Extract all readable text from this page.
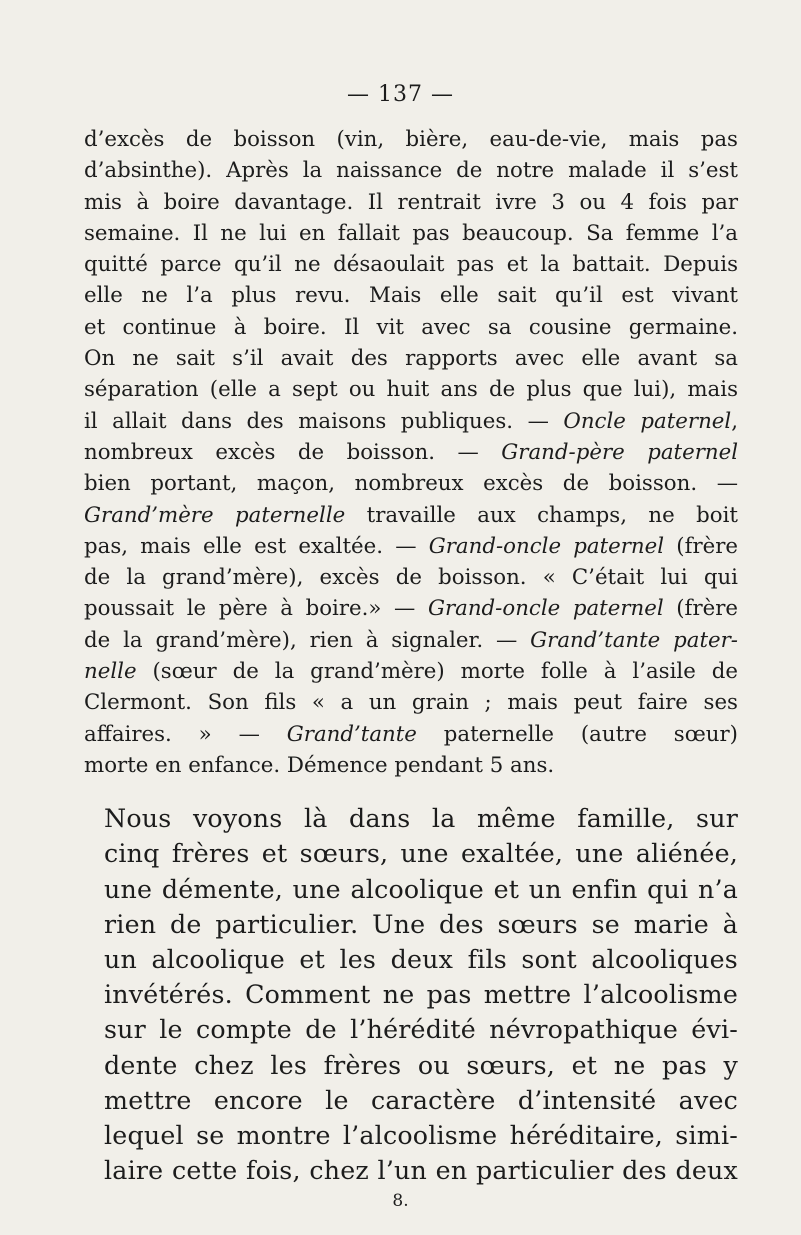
— 137 —

d’excès de boisson (vin, bière, eau-de-vie, mais pas
d’absinthe). Après la naissance de notre malade il s’est
mis à boire davantage. Il rentrait ivre 3 ou 4 fois par
semaine. Il ne lui en fallait pas beaucoup. Sa femme l’a
quitté parce qu’il ne désaoulait pas et la battait. Depuis
elle ne l’a plus revu. Mais elle sait qu’il est vivant
et continue à boire. Il vit avec sa cousine germaine.
On ne sait s’il avait des rapports avec elle avant sa
séparation (elle a sept ou huit ans de plus que lui), mais
il allait dans des maisons publiques. — Oncle paternel,
nombreux excès de boisson. — Grand-père paternel
bien portant, maçon, nombreux excès de boisson. —
Grand’mère paternelle travaille aux champs, ne boit
pas, mais elle est exaltée. — Grand-oncle paternel (frère
de la grand’mère), excès de boisson. « C’était lui qui
poussait le père à boire.» — Grand-oncle paternel (frère
de la grand’mère), rien à signaler. — Grand’tante pater-
nelle (sœur de la grand’mère) morte folle à l’asile de
Clermont. Son fils « a un grain ; mais peut faire ses
affaires. » — Grand’tante paternelle (autre sœur)
morte en enfance. Démence pendant 5 ans.

Nous voyons là dans la même famille, sur
cinq frères et sœurs, une exaltée, une aliénée,
une démente, une alcoolique et un enfin qui n’a
rien de particulier. Une des sœurs se marie à
un alcoolique et les deux fils sont alcooliques
invétérés. Comment ne pas mettre l’alcoolisme
sur le compte de l’hérédité névropathique évi-
dente chez les frères ou sœurs, et ne pas y
mettre encore le caractère d’intensité avec
lequel se montre l’alcoolisme héréditaire, simi-
laire cette fois, chez l’un en particulier des deux

8.
